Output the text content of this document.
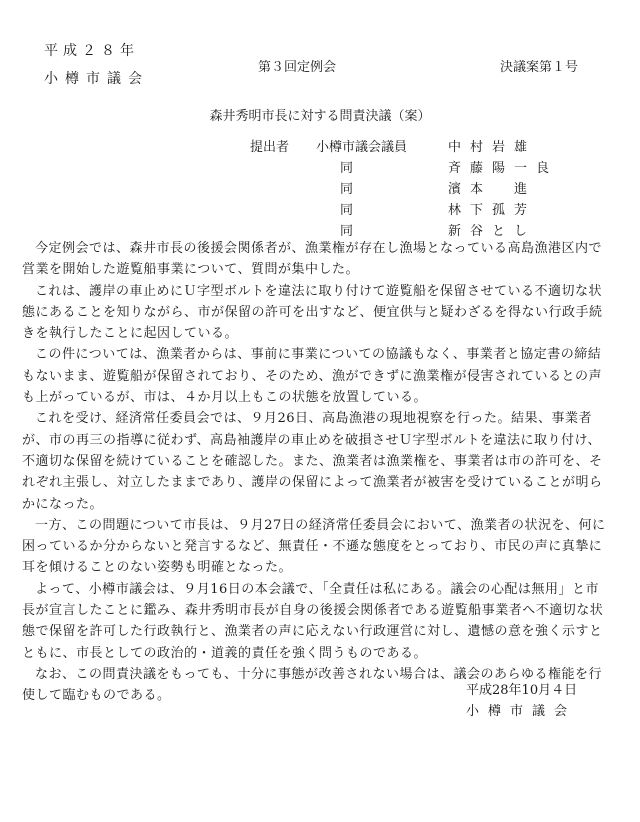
平成２８年
小樽市議会
第３回定例会	決議案第１号
森井秀明市長に対する問責決議（案）
提出者 小樽市議会議員	中村岩雄
同	斉藤陽一良
同	濱本　進
同	林下孤芳
同	新谷とし

今定例会では、森井市長の後援会関係者が、漁業権が存在し漁場となっている高島漁港区内で営業を開始した遊覧船事業について、質問が集中した。

これは、護岸の車止めにＵ字型ボルトを違法に取り付けて遊覧船を保留させている不適切な状態にあることを知りながら、市が保留の許可を出すなど、便宜供与と疑わざるを得ない行政手続きを執行したことに起因している。

この件については、漁業者からは、事前に事業についての協議もなく、事業者と協定書の締結もないまま、遊覧船が保留されており、そのため、漁ができずに漁業権が侵害されているとの声も上がっているが、市は、４か月以上もこの状態を放置している。

これを受け、経済常任委員会では、９月26日、高島漁港の現地視察を行った。結果、事業者が、市の再三の指導に従わず、高島袖護岸の車止めを破損させＵ字型ボルトを違法に取り付け、不適切な保留を続けていることを確認した。また、漁業者は漁業権を、事業者は市の許可を、それぞれ主張し、対立したままであり、護岸の保留によって漁業者が被害を受けていることが明らかになった。

一方、この問題について市長は、９月27日の経済常任委員会において、漁業者の状況を、何に困っているか分からないと発言するなど、無責任・不遜な態度をとっており、市民の声に真摯に耳を傾けることのない姿勢も明確となった。

よって、小樽市議会は、９月16日の本会議で、「全責任は私にある。議会の心配は無用」と市長が宣言したことに鑑み、森井秀明市長が自身の後援会関係者である遊覧船事業者へ不適切な状態で保留を許可した行政執行と、漁業者の声に応えない行政運営に対し、遺憾の意を強く示すとともに、市長としての政治的・道義的責任を強く問うものである。

なお、この問責決議をもっても、十分に事態が改善されない場合は、議会のあらゆる権能を行使して臨むものである。	平成28年10月４日
小樽市議会
